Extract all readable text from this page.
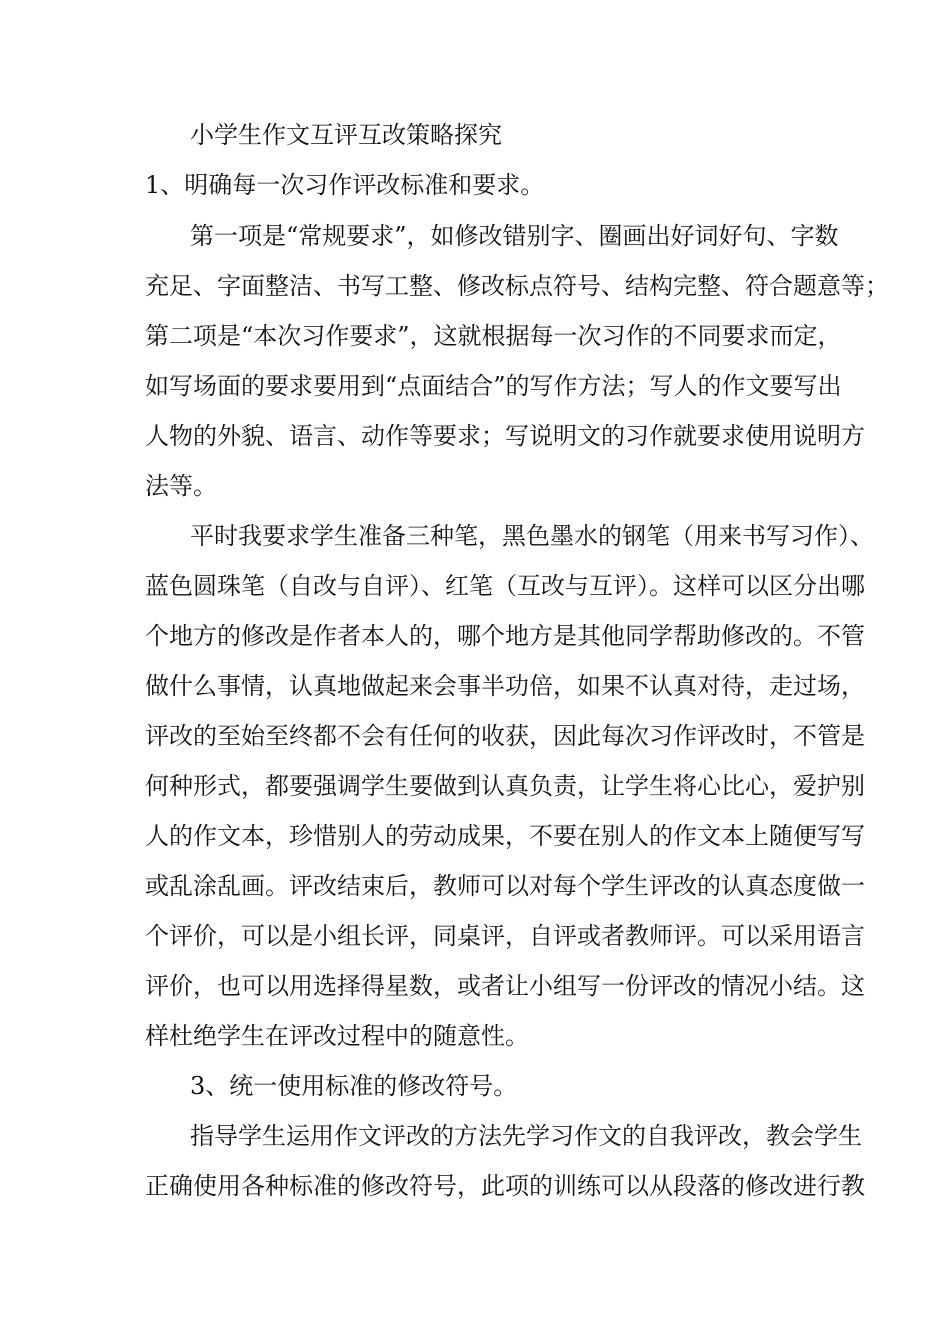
小学生作文互评互改策略探究
1、明确每一次习作评改标准和要求。
第一项是“常规要求”，如修改错别字、圈画出好词好句、字数
充足、字面整洁、书写工整、修改标点符号、结构完整、符合题意等；
第二项是“本次习作要求”，这就根据每一次习作的不同要求而定，
如写场面的要求要用到“点面结合”的写作方法；写人的作文要写出
人物的外貌、语言、动作等要求；写说明文的习作就要求使用说明方
法等。
平时我要求学生准备三种笔，黑色墨水的钢笔（用来书写习作）、
蓝色圆珠笔（自改与自评）、红笔（互改与互评）。这样可以区分出哪
个地方的修改是作者本人的，哪个地方是其他同学帮助修改的。不管
做什么事情，认真地做起来会事半功倍，如果不认真对待，走过场，
评改的至始至终都不会有任何的收获，因此每次习作评改时，不管是
何种形式，都要强调学生要做到认真负责，让学生将心比心，爱护别
人的作文本，珍惜别人的劳动成果，不要在别人的作文本上随便写写
或乱涂乱画。评改结束后，教师可以对每个学生评改的认真态度做一
个评价，可以是小组长评，同桌评，自评或者教师评。可以采用语言
评价，也可以用选择得星数，或者让小组写一份评改的情况小结。这
样杜绝学生在评改过程中的随意性。
3、统一使用标准的修改符号。
指导学生运用作文评改的方法先学习作文的自我评改，教会学生
正确使用各种标准的修改符号，此项的训练可以从段落的修改进行教
